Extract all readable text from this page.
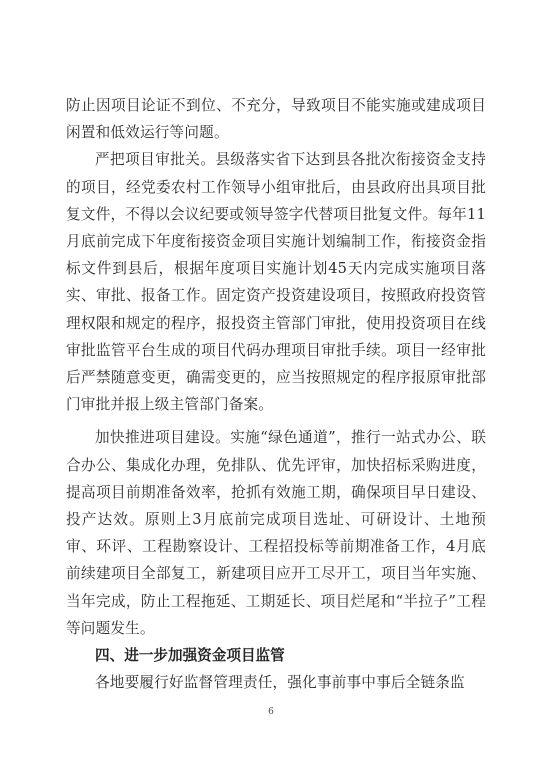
防止因项目论证不到位、不充分，导致项目不能实施或建成项目闲置和低效运行等问题。

严把项目审批关。县级落实省下达到县各批次衔接资金支持的项目，经党委农村工作领导小组审批后，由县政府出具项目批复文件，不得以会议纪要或领导签字代替项目批复文件。每年11月底前完成下年度衔接资金项目实施计划编制工作，衔接资金指标文件到县后，根据年度项目实施计划45天内完成实施项目落实、审批、报备工作。固定资产投资建设项目，按照政府投资管理权限和规定的程序，报投资主管部门审批，使用投资项目在线审批监管平台生成的项目代码办理项目审批手续。项目一经审批后严禁随意变更，确需变更的，应当按照规定的程序报原审批部门审批并报上级主管部门备案。

加快推进项目建设。实施“绿色通道”，推行一站式办公、联合办公、集成化办理，免排队、优先评审，加快招标采购进度，提高项目前期准备效率，抢抓有效施工期，确保项目早日建设、投产达效。原则上3月底前完成项目选址、可研设计、土地预审、环评、工程勘察设计、工程招投标等前期准备工作，4月底前续建项目全部复工，新建项目应开工尽开工，项目当年实施、当年完成，防止工程拖延、工期延长、项目烂尾和“半拉子”工程等问题发生。

四、进一步加强资金项目监管

各地要履行好监督管理责任，强化事前事中事后全链条监

6
